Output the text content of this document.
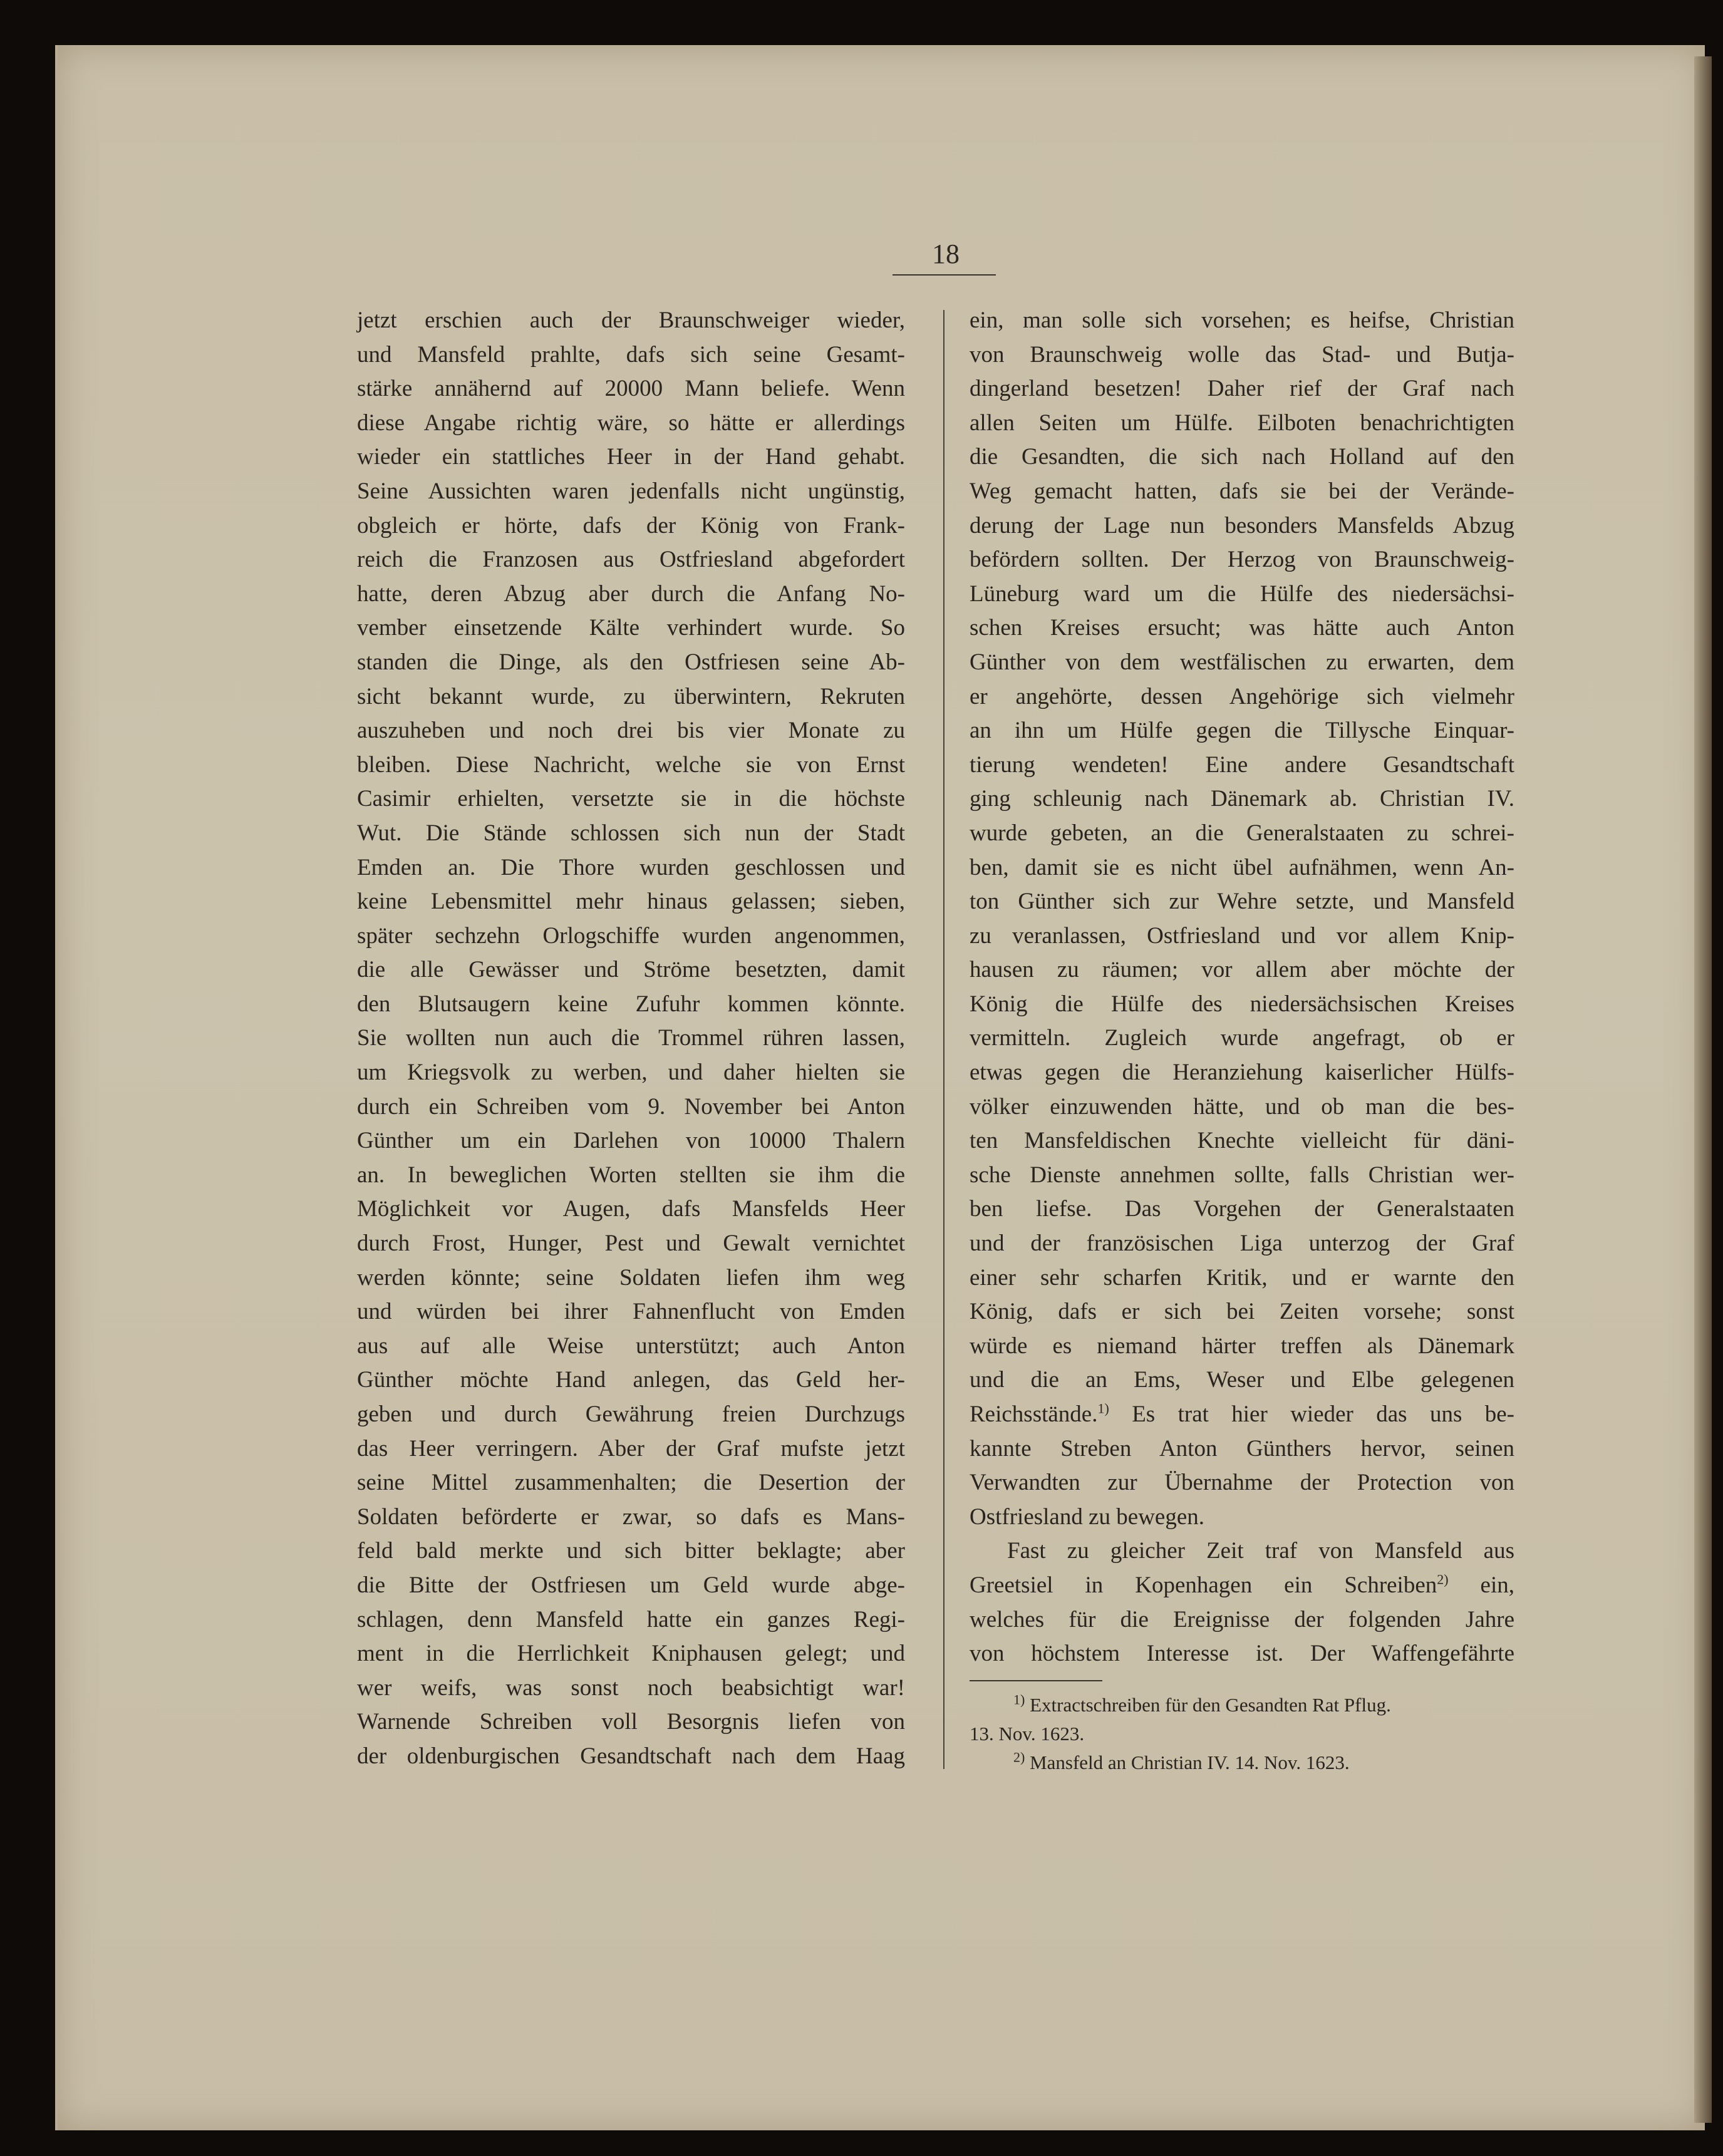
18
jetzt erschien auch der Braunschweiger wieder,
und Mansfeld prahlte, dafs sich seine Gesamt-
stärke annähernd auf 20000 Mann beliefe. Wenn
diese Angabe richtig wäre, so hätte er allerdings
wieder ein stattliches Heer in der Hand gehabt.
Seine Aussichten waren jedenfalls nicht ungünstig,
obgleich er hörte, dafs der König von Frank-
reich die Franzosen aus Ostfriesland abgefordert
hatte, deren Abzug aber durch die Anfang No-
vember einsetzende Kälte verhindert wurde. So
standen die Dinge, als den Ostfriesen seine Ab-
sicht bekannt wurde, zu überwintern, Rekruten
auszuheben und noch drei bis vier Monate zu
bleiben. Diese Nachricht, welche sie von Ernst
Casimir erhielten, versetzte sie in die höchste
Wut. Die Stände schlossen sich nun der Stadt
Emden an. Die Thore wurden geschlossen und
keine Lebensmittel mehr hinaus gelassen; sieben,
später sechzehn Orlogschiffe wurden angenommen,
die alle Gewässer und Ströme besetzten, damit
den Blutsaugern keine Zufuhr kommen könnte.
Sie wollten nun auch die Trommel rühren lassen,
um Kriegsvolk zu werben, und daher hielten sie
durch ein Schreiben vom 9. November bei Anton
Günther um ein Darlehen von 10000 Thalern
an. In beweglichen Worten stellten sie ihm die
Möglichkeit vor Augen, dafs Mansfelds Heer
durch Frost, Hunger, Pest und Gewalt vernichtet
werden könnte; seine Soldaten liefen ihm weg
und würden bei ihrer Fahnenflucht von Emden
aus auf alle Weise unterstützt; auch Anton
Günther möchte Hand anlegen, das Geld her-
geben und durch Gewährung freien Durchzugs
das Heer verringern. Aber der Graf mufste jetzt
seine Mittel zusammenhalten; die Desertion der
Soldaten beförderte er zwar, so dafs es Mans-
feld bald merkte und sich bitter beklagte; aber
die Bitte der Ostfriesen um Geld wurde abge-
schlagen, denn Mansfeld hatte ein ganzes Regi-
ment in die Herrlichkeit Kniphausen gelegt; und
wer weifs, was sonst noch beabsichtigt war!
Warnende Schreiben voll Besorgnis liefen von
der oldenburgischen Gesandtschaft nach dem Haag
ein, man solle sich vorsehen; es heifse, Christian
von Braunschweig wolle das Stad- und Butja-
dingerland besetzen! Daher rief der Graf nach
allen Seiten um Hülfe. Eilboten benachrichtigten
die Gesandten, die sich nach Holland auf den
Weg gemacht hatten, dafs sie bei der Verände-
derung der Lage nun besonders Mansfelds Abzug
befördern sollten. Der Herzog von Braunschweig-
Lüneburg ward um die Hülfe des niedersächsi-
schen Kreises ersucht; was hätte auch Anton
Günther von dem westfälischen zu erwarten, dem
er angehörte, dessen Angehörige sich vielmehr
an ihn um Hülfe gegen die Tillysche Einquar-
tierung wendeten! Eine andere Gesandtschaft
ging schleunig nach Dänemark ab. Christian IV.
wurde gebeten, an die Generalstaaten zu schrei-
ben, damit sie es nicht übel aufnähmen, wenn An-
ton Günther sich zur Wehre setzte, und Mansfeld
zu veranlassen, Ostfriesland und vor allem Knip-
hausen zu räumen; vor allem aber möchte der
König die Hülfe des niedersächsischen Kreises
vermitteln. Zugleich wurde angefragt, ob er
etwas gegen die Heranziehung kaiserlicher Hülfs-
völker einzuwenden hätte, und ob man die bes-
ten Mansfeldischen Knechte vielleicht für däni-
sche Dienste annehmen sollte, falls Christian wer-
ben liefse. Das Vorgehen der Generalstaaten
und der französischen Liga unterzog der Graf
einer sehr scharfen Kritik, und er warnte den
König, dafs er sich bei Zeiten vorsehe; sonst
würde es niemand härter treffen als Dänemark
und die an Ems, Weser und Elbe gelegenen
Reichsstände.$^{1)}$ Es trat hier wieder das uns be-
kannte Streben Anton Günthers hervor, seinen
Verwandten zur Übernahme der Protection von
Ostfriesland zu bewegen.
Fast zu gleicher Zeit traf von Mansfeld aus
Greetsiel in Kopenhagen ein Schreiben$^{2)}$ ein,
welches für die Ereignisse der folgenden Jahre
von höchstem Interesse ist. Der Waffengefährte
$^{1)}$ Extractschreiben für den Gesandten Rat Pflug.
13. Nov. 1623.
$^{2)}$ Mansfeld an Christian IV. 14. Nov. 1623.
